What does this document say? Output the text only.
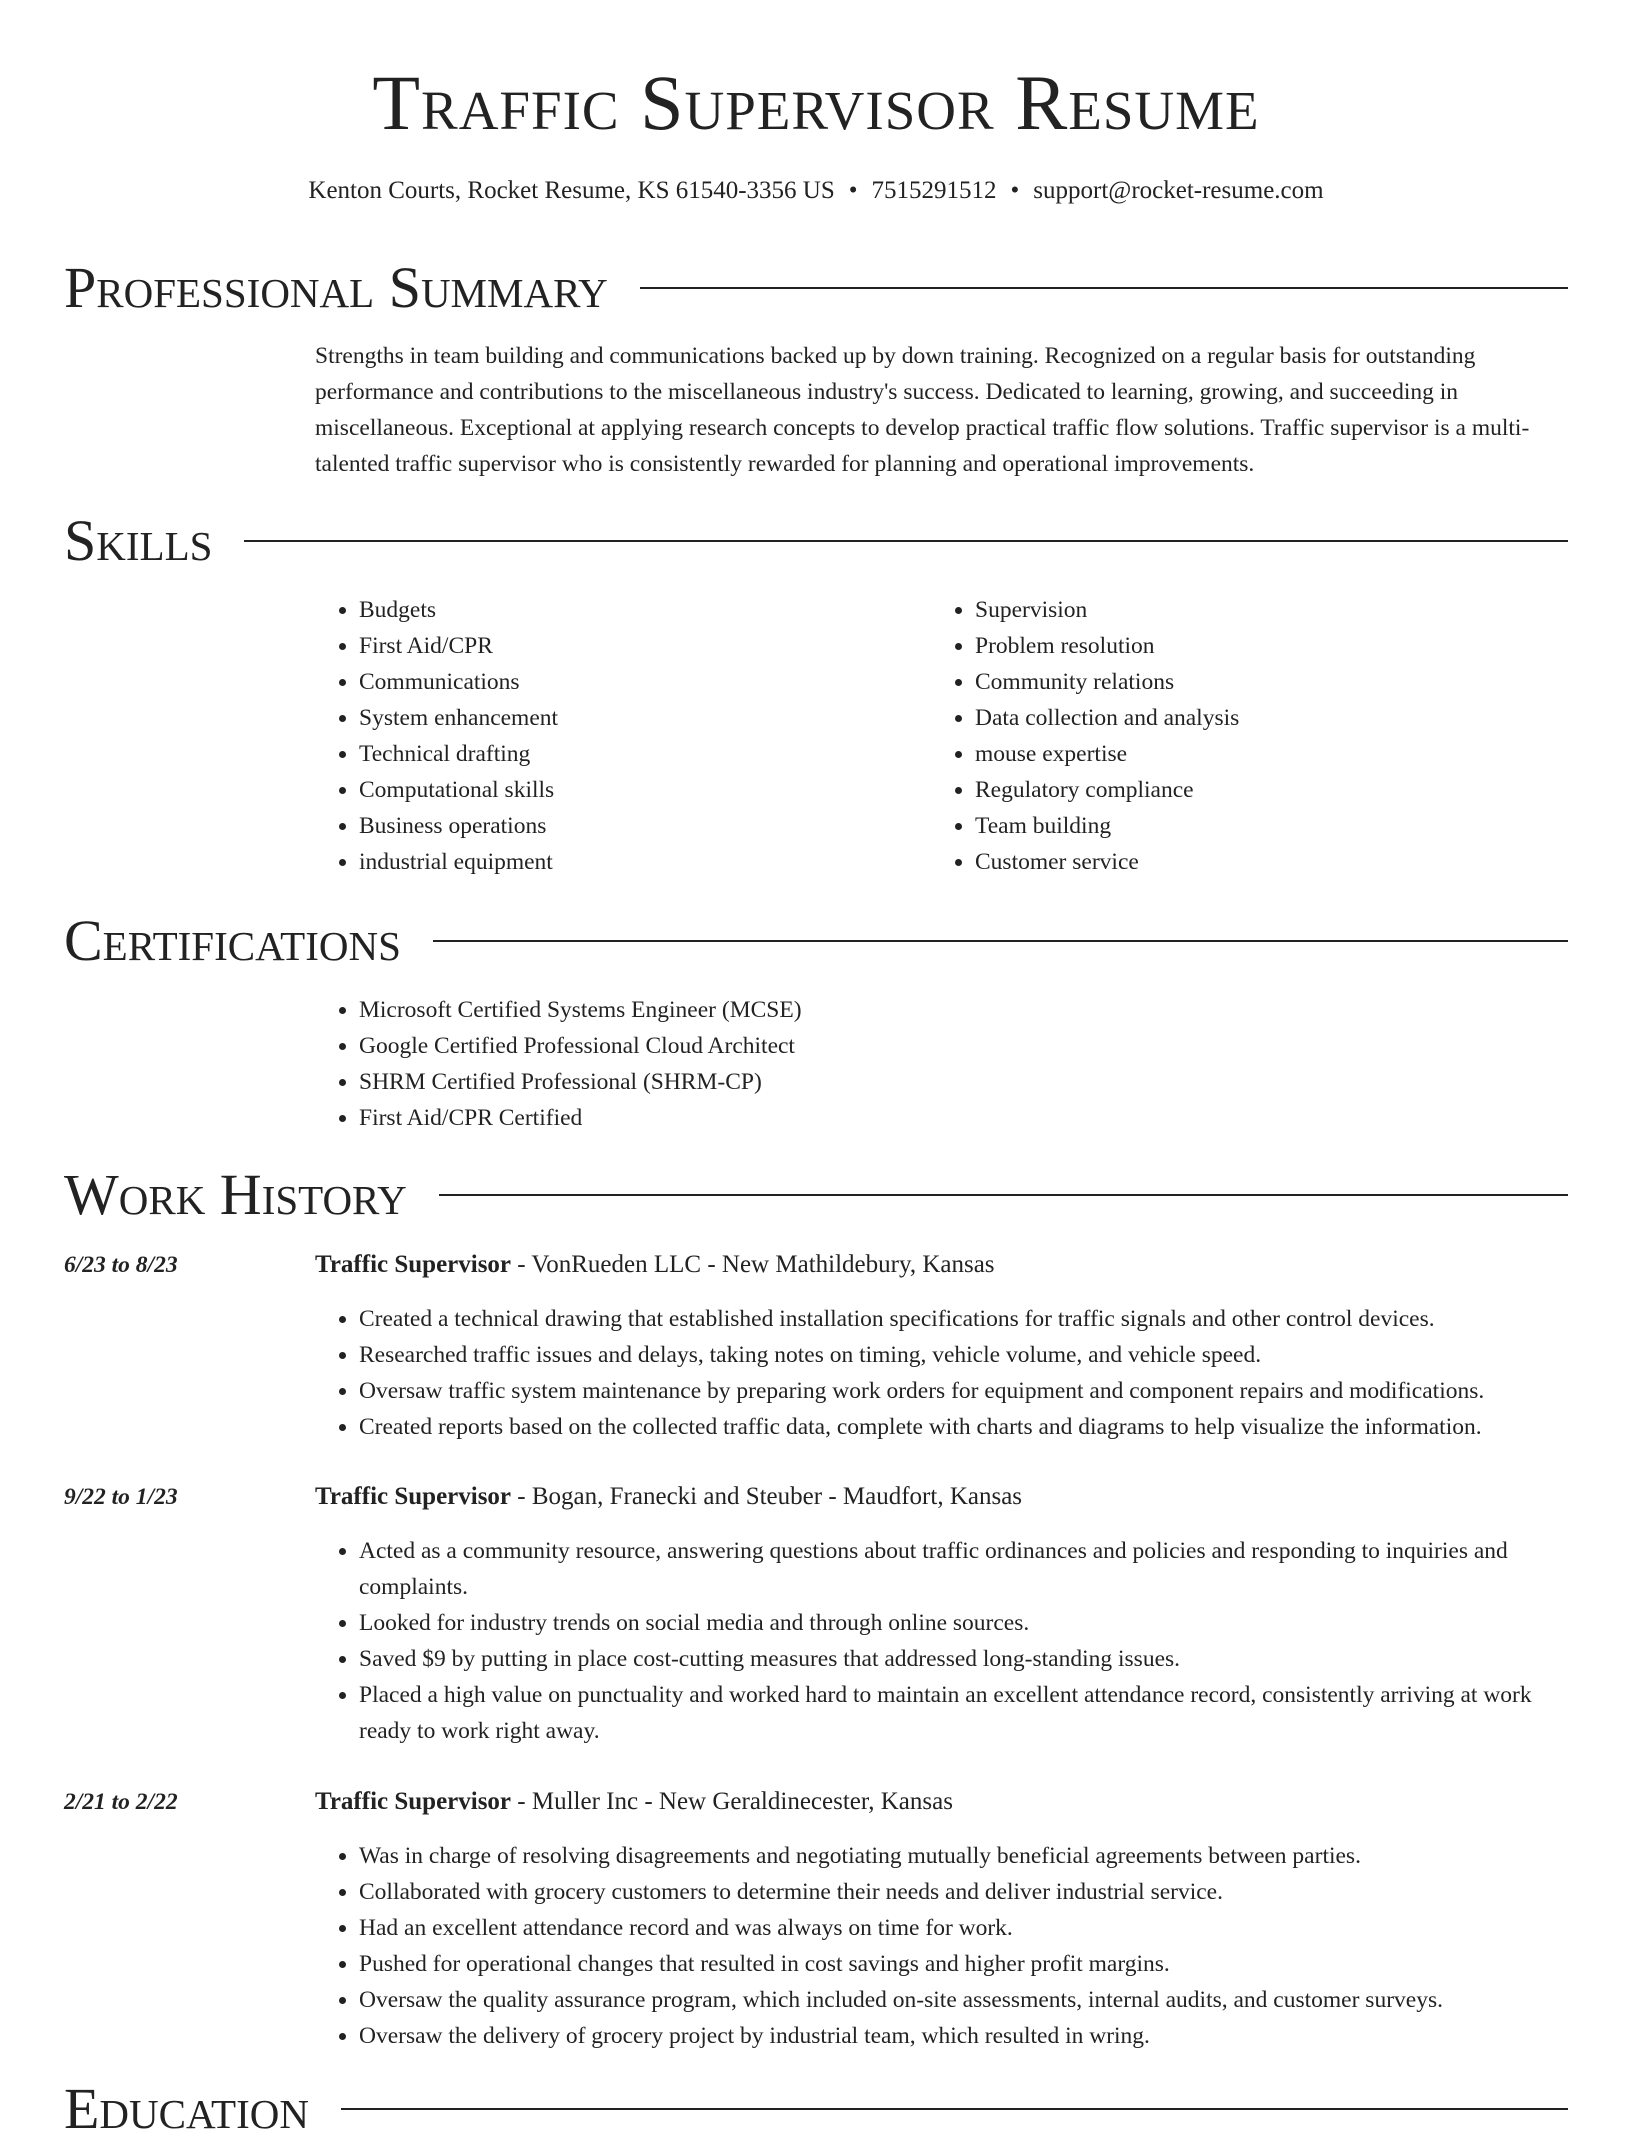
Traffic Supervisor Resume
Kenton Courts, Rocket Resume, KS 61540-3356 US • 7515291512 • support@rocket-resume.com
Professional Summary

Strengths in team building and communications backed up by down training. Recognized on a regular basis for outstanding performance and contributions to the miscellaneous industry's success. Dedicated to learning, growing, and succeeding in miscellaneous. Exceptional at applying research concepts to develop practical traffic flow solutions. Traffic supervisor is a multi-talented traffic supervisor who is consistently rewarded for planning and operational improvements.

Skills
• Budgets
• First Aid/CPR
• Communications
• System enhancement
• Technical drafting
• Computational skills
• Business operations
• industrial equipment
• Supervision
• Problem resolution
• Community relations
• Data collection and analysis
• mouse expertise
• Regulatory compliance
• Team building
• Customer service
Certifications
• Microsoft Certified Systems Engineer (MCSE)
• Google Certified Professional Cloud Architect
• SHRM Certified Professional (SHRM-CP)
• First Aid/CPR Certified
Work History
6/23 to 8/23	Traffic Supervisor - VonRueden LLC - New Mathildebury, Kansas
• Created a technical drawing that established installation specifications for traffic signals and other control devices.
• Researched traffic issues and delays, taking notes on timing, vehicle volume, and vehicle speed.
• Oversaw traffic system maintenance by preparing work orders for equipment and component repairs and modifications.
• Created reports based on the collected traffic data, complete with charts and diagrams to help visualize the information.
9/22 to 1/23	Traffic Supervisor - Bogan, Franecki and Steuber - Maudfort, Kansas
• Acted as a community resource, answering questions about traffic ordinances and policies and responding to inquiries and complaints.
• Looked for industry trends on social media and through online sources.
• Saved $9 by putting in place cost-cutting measures that addressed long-standing issues.
• Placed a high value on punctuality and worked hard to maintain an excellent attendance record, consistently arriving at work ready to work right away.
2/21 to 2/22	Traffic Supervisor - Muller Inc - New Geraldinecester, Kansas
• Was in charge of resolving disagreements and negotiating mutually beneficial agreements between parties.
• Collaborated with grocery customers to determine their needs and deliver industrial service.
• Had an excellent attendance record and was always on time for work.
• Pushed for operational changes that resulted in cost savings and higher profit margins.
• Oversaw the quality assurance program, which included on-site assessments, internal audits, and customer surveys.
• Oversaw the delivery of grocery project by industrial team, which resulted in wring.
Education
